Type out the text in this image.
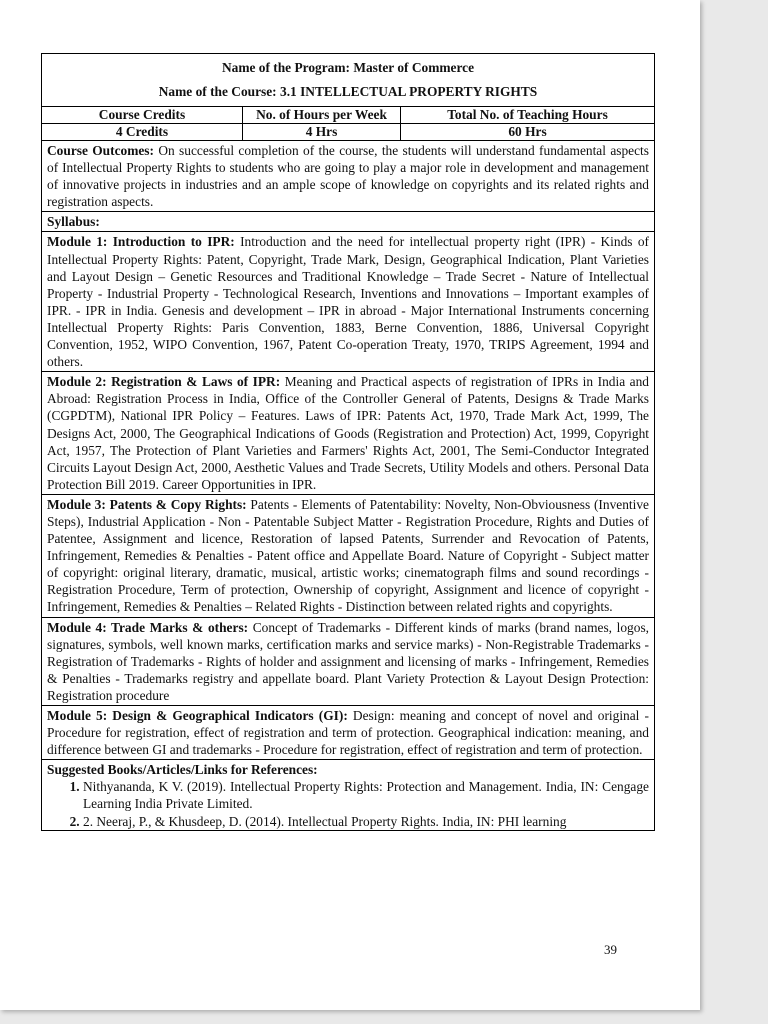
Name of the Program: Master of Commerce
Name of the Course: 3.1 INTELLECTUAL PROPERTY RIGHTS
Course Credits
4 Credits
No. of Hours per Week
4 Hrs
Total No. of Teaching Hours
60 Hrs
Course Outcomes: On successful completion of the course, the students will understand fundamental aspects of Intellectual Property Rights to students who are going to play a major role in development and management of innovative projects in industries and an ample scope of knowledge on copyrights and its related rights and registration aspects.
Syllabus:
Module 1: Introduction to IPR: Introduction and the need for intellectual property right (IPR) - Kinds of Intellectual Property Rights: Patent, Copyright, Trade Mark, Design, Geographical Indication, Plant Varieties and Layout Design – Genetic Resources and Traditional Knowledge – Trade Secret - Nature of Intellectual Property - Industrial Property - Technological Research, Inventions and Innovations – Important examples of IPR. - IPR in India. Genesis and development – IPR in abroad - Major International Instruments concerning Intellectual Property Rights: Paris Convention, 1883, Berne Convention, 1886, Universal Copyright Convention, 1952, WIPO Convention, 1967, Patent Co-operation Treaty, 1970, TRIPS Agreement, 1994 and others.
Module 2: Registration & Laws of IPR: Meaning and Practical aspects of registration of IPRs in India and Abroad: Registration Process in India, Office of the Controller General of Patents, Designs & Trade Marks (CGPDTM), National IPR Policy – Features. Laws of IPR: Patents Act, 1970, Trade Mark Act, 1999, The Designs Act, 2000, The Geographical Indications of Goods (Registration and Protection) Act, 1999, Copyright Act, 1957, The Protection of Plant Varieties and Farmers' Rights Act, 2001, The Semi-Conductor Integrated Circuits Layout Design Act, 2000, Aesthetic Values and Trade Secrets, Utility Models and others. Personal Data Protection Bill 2019. Career Opportunities in IPR.
Module 3: Patents & Copy Rights: Patents - Elements of Patentability: Novelty, Non-Obviousness (Inventive Steps), Industrial Application - Non - Patentable Subject Matter - Registration Procedure, Rights and Duties of Patentee, Assignment and licence, Restoration of lapsed Patents, Surrender and Revocation of Patents, Infringement, Remedies & Penalties - Patent office and Appellate Board. Nature of Copyright - Subject matter of copyright: original literary, dramatic, musical, artistic works; cinematograph films and sound recordings - Registration Procedure, Term of protection, Ownership of copyright, Assignment and licence of copyright - Infringement, Remedies & Penalties – Related Rights - Distinction between related rights and copyrights.
Module 4: Trade Marks & others: Concept of Trademarks - Different kinds of marks (brand names, logos, signatures, symbols, well known marks, certification marks and service marks) - Non-Registrable Trademarks - Registration of Trademarks - Rights of holder and assignment and licensing of marks - Infringement, Remedies & Penalties - Trademarks registry and appellate board. Plant Variety Protection & Layout Design Protection: Registration procedure
Module 5: Design & Geographical Indicators (GI): Design: meaning and concept of novel and original - Procedure for registration, effect of registration and term of protection. Geographical indication: meaning, and difference between GI and trademarks - Procedure for registration, effect of registration and term of protection.
Suggested Books/Articles/Links for References:
1. Nithyananda, K V. (2019). Intellectual Property Rights: Protection and Management. India, IN: Cengage Learning India Private Limited.
2. 2. Neeraj, P., & Khusdeep, D. (2014). Intellectual Property Rights. India, IN: PHI learning
39
